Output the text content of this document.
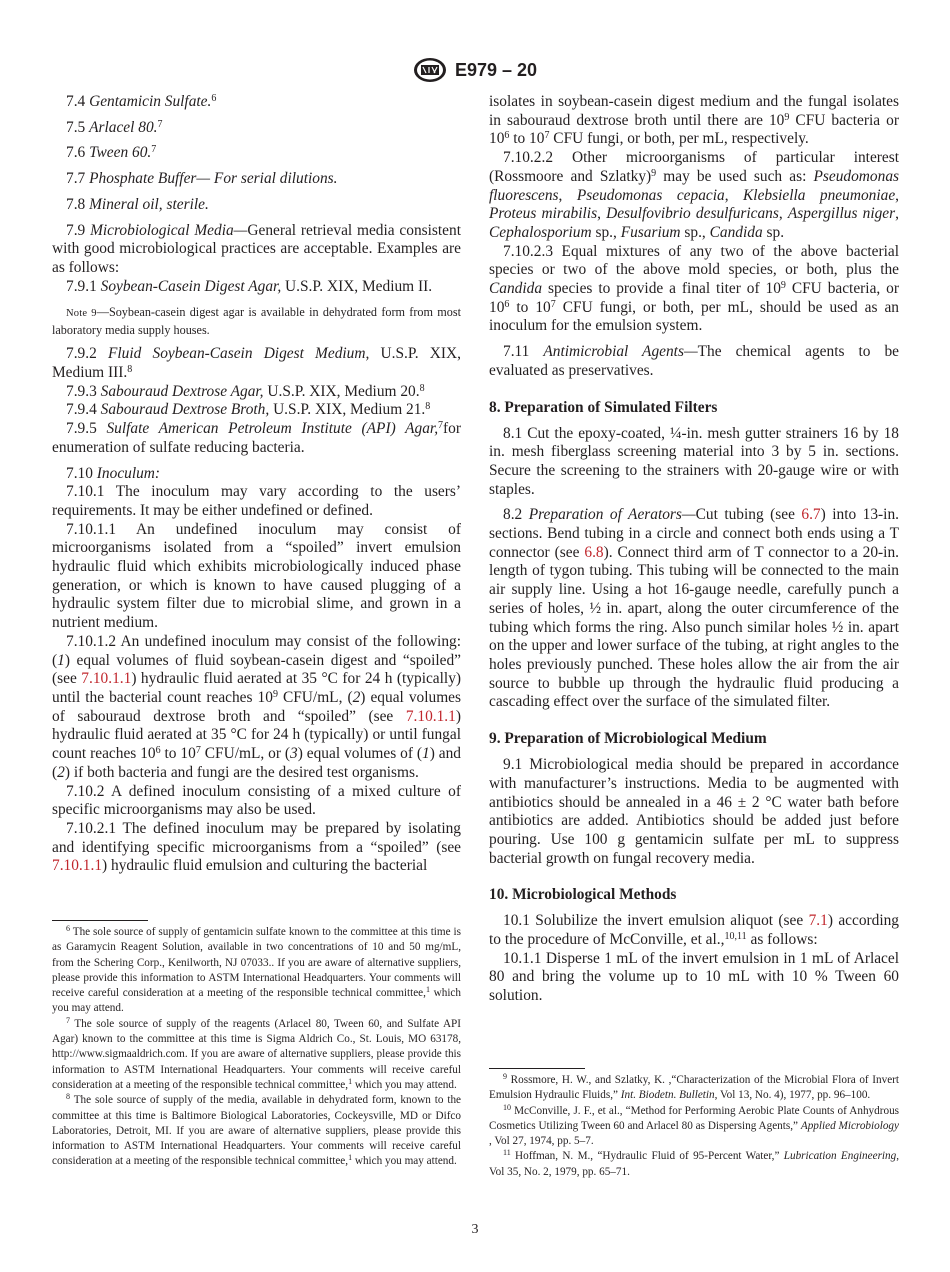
E979 – 20

7.4 Gentamicin Sulfate.$^6$

7.5 Arlacel 80.$^7$

7.6 Tween 60.$^7$

7.7 Phosphate Buffer— For serial dilutions.

7.8 Mineral oil, sterile.

7.9 Microbiological Media—General retrieval media consistent with good microbiological practices are acceptable. Examples are as follows:

7.9.1 Soybean-Casein Digest Agar, U.S.P. XIX, Medium II.

Note 9—Soybean-casein digest agar is available in dehydrated form from most laboratory media supply houses.

7.9.2 Fluid Soybean-Casein Digest Medium, U.S.P. XIX, Medium III.$^8$

7.9.3 Sabouraud Dextrose Agar, U.S.P. XIX, Medium 20.$^8$

7.9.4 Sabouraud Dextrose Broth, U.S.P. XIX, Medium 21.$^8$

7.9.5 Sulfate American Petroleum Institute (API) Agar,$^7$for enumeration of sulfate reducing bacteria.

7.10 Inoculum:

7.10.1 The inoculum may vary according to the users’ requirements. It may be either undefined or defined.

7.10.1.1 An undefined inoculum may consist of microorganisms isolated from a “spoiled” invert emulsion hydraulic fluid which exhibits microbiologically induced phase generation, or which is known to have caused plugging of a hydraulic system filter due to microbial slime, and grown in a nutrient medium.

7.10.1.2 An undefined inoculum may consist of the following: (1) equal volumes of fluid soybean-casein digest and “spoiled” (see 7.10.1.1) hydraulic fluid aerated at 35 °C for 24 h (typically) until the bacterial count reaches $10^9$ CFU/mL, (2) equal volumes of sabouraud dextrose broth and “spoiled” (see 7.10.1.1) hydraulic fluid aerated at 35 °C for 24 h (typically) or until fungal count reaches $10^6$ to $10^7$ CFU/mL, or (3) equal volumes of (1) and (2) if both bacteria and fungi are the desired test organisms.

7.10.2 A defined inoculum consisting of a mixed culture of specific microorganisms may also be used.

7.10.2.1 The defined inoculum may be prepared by isolating and identifying specific microorganisms from a “spoiled” (see 7.10.1.1) hydraulic fluid emulsion and culturing the bacterial

$^6$ The sole source of supply of gentamicin sulfate known to the committee at this time is as Garamycin Reagent Solution, available in two concentrations of 10 and 50 mg/mL, from the Schering Corp., Kenilworth, NJ 07033.. If you are aware of alternative suppliers, please provide this information to ASTM International Headquarters. Your comments will receive careful consideration at a meeting of the responsible technical committee,$^1$ which you may attend.

$^7$ The sole source of supply of the reagents (Arlacel 80, Tween 60, and Sulfate API Agar) known to the committee at this time is Sigma Aldrich Co., St. Louis, MO 63178, http://www.sigmaaldrich.com. If you are aware of alternative suppliers, please provide this information to ASTM International Headquarters. Your comments will receive careful consideration at a meeting of the responsible technical committee,$^1$ which you may attend.

$^8$ The sole source of supply of the media, available in dehydrated form, known to the committee at this time is Baltimore Biological Laboratories, Cockeysville, MD or Difco Laboratories, Detroit, MI. If you are aware of alternative suppliers, please provide this information to ASTM International Headquarters. Your comments will receive careful consideration at a meeting of the responsible technical committee,$^1$ which you may attend.

isolates in soybean-casein digest medium and the fungal isolates in sabouraud dextrose broth until there are $10^9$ CFU bacteria or $10^6$ to $10^7$ CFU fungi, or both, per mL, respectively.

7.10.2.2 Other microorganisms of particular interest (Rossmoore and Szlatky)$^9$ may be used such as: Pseudomonas fluorescens, Pseudomonas cepacia, Klebsiella pneumoniae, Proteus mirabilis, Desulfovibrio desulfuricans, Aspergillus niger, Cephalosporium sp., Fusarium sp., Candida sp.

7.10.2.3 Equal mixtures of any two of the above bacterial species or two of the above mold species, or both, plus the Candida species to provide a final titer of $10^9$ CFU bacteria, or $10^6$ to $10^7$ CFU fungi, or both, per mL, should be used as an inoculum for the emulsion system.

7.11 Antimicrobial Agents—The chemical agents to be evaluated as preservatives.

8. Preparation of Simulated Filters

8.1 Cut the epoxy-coated, ¼-in. mesh gutter strainers 16 by 18 in. mesh fiberglass screening material into 3 by 5 in. sections. Secure the screening to the strainers with 20-gauge wire or with staples.

8.2 Preparation of Aerators—Cut tubing (see 6.7) into 13-in. sections. Bend tubing in a circle and connect both ends using a T connector (see 6.8). Connect third arm of T connector to a 20-in. length of tygon tubing. This tubing will be connected to the main air supply line. Using a hot 16-gauge needle, carefully punch a series of holes, ½ in. apart, along the outer circumference of the tubing which forms the ring. Also punch similar holes ½ in. apart on the upper and lower surface of the tubing, at right angles to the holes previously punched. These holes allow the air from the air source to bubble up through the hydraulic fluid producing a cascading effect over the surface of the simulated filter.

9. Preparation of Microbiological Medium

9.1 Microbiological media should be prepared in accordance with manufacturer’s instructions. Media to be augmented with antibiotics should be annealed in a 46 ± 2 °C water bath before antibiotics are added. Antibiotics should be added just before pouring. Use 100 g gentamicin sulfate per mL to suppress bacterial growth on fungal recovery media.

10. Microbiological Methods

10.1 Solubilize the invert emulsion aliquot (see 7.1) according to the procedure of McConville, et al.,$^{10,11}$ as follows:

10.1.1 Disperse 1 mL of the invert emulsion in 1 mL of Arlacel 80 and bring the volume up to 10 mL with 10 % Tween 60 solution.

$^9$ Rossmore, H. W., and Szlatky, K. ,“Characterization of the Microbial Flora of Invert Emulsion Hydraulic Fluids,” Int. Biodetn. Bulletin, Vol 13, No. 4), 1977, pp. 96–100.

$^{10}$ McConville, J. F., et al., “Method for Performing Aerobic Plate Counts of Anhydrous Cosmetics Utilizing Tween 60 and Arlacel 80 as Dispersing Agents,” Applied Microbiology , Vol 27, 1974, pp. 5–7.

$^{11}$ Hoffman, N. M., “Hydraulic Fluid of 95-Percent Water,” Lubrication Engineering, Vol 35, No. 2, 1979, pp. 65–71.

3
